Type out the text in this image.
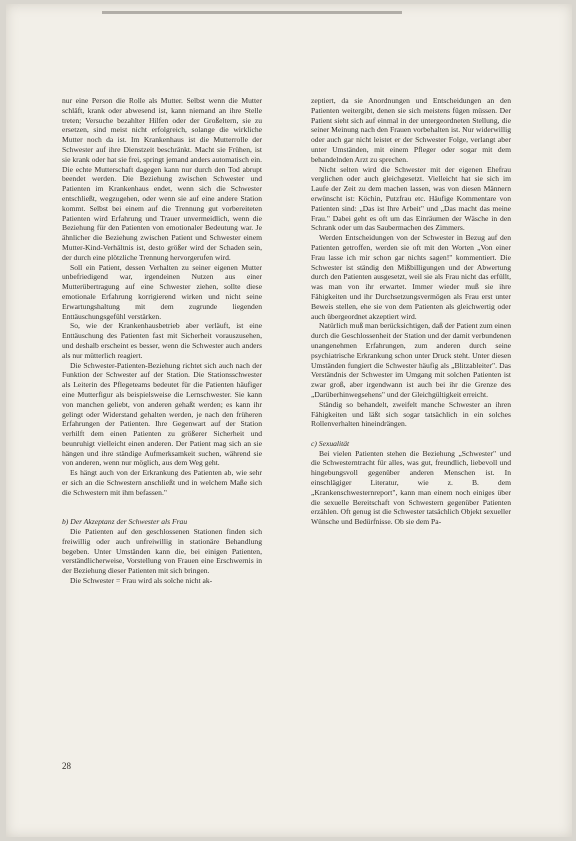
nur eine Person die Rolle als Mutter. Selbst wenn die Mutter schläft, krank oder abwesend ist, kann niemand an ihre Stelle treten; Versuche bezahlter Hilfen oder der Großeltern, sie zu ersetzen, sind meist nicht erfolgreich, solange die wirkliche Mutter noch da ist. Im Krankenhaus ist die Mutterrolle der Schwester auf ihre Dienstzeit beschränkt. Macht sie Frühen, ist sie krank oder hat sie frei, springt jemand anders automatisch ein. Die echte Mutterschaft dagegen kann nur durch den Tod abrupt beendet werden. Die Beziehung zwischen Schwester und Patienten im Krankenhaus endet, wenn sich die Schwester entschließt, wegzugehen, oder wenn sie auf eine andere Station kommt. Selbst bei einem auf die Trennung gut vorbereiteten Patienten wird Erfahrung und Trauer unvermeidlich, wenn die Beziehung für den Patienten von emotionaler Bedeutung war. Je ähnlicher die Beziehung zwischen Patient und Schwester einem Mutter-Kind-Verhältnis ist, desto größer wird der Schaden sein, der durch eine plötzliche Trennung hervorgerufen wird.

Soll ein Patient, dessen Verhalten zu seiner eigenen Mutter unbefriedigend war, irgendeinen Nutzen aus einer Mutterübertragung auf eine Schwester ziehen, sollte diese emotionale Erfahrung korrigierend wirken und nicht seine Erwartungshaltung mit dem zugrunde liegenden Enttäuschungsgefühl verstärken.

So, wie der Krankenhausbetrieb aber verläuft, ist eine Enttäuschung des Patienten fast mit Sicherheit vorauszusehen, und deshalb erscheint es besser, wenn die Schwester auch anders als nur mütterlich reagiert.

Die Schwester-Patienten-Beziehung richtet sich auch nach der Funktion der Schwester auf der Station. Die Stationsschwester als Leiterin des Pflegeteams bedeutet für die Patienten häufiger eine Mutterfigur als beispielsweise die Lernschwester. Sie kann von manchen geliebt, von anderen gehaßt werden; es kann ihr gelingt oder Widerstand gehalten werden, je nach den früheren Erfahrungen der Patienten. Ihre Gegenwart auf der Station verhilft dem einen Patienten zu größerer Sicherheit und beunruhigt vielleicht einen anderen. Der Patient mag sich an sie hängen und ihre ständige Aufmerksamkeit suchen, während sie von anderen, wenn nur möglich, aus dem Weg geht.

Es hängt auch von der Erkrankung des Patienten ab, wie sehr er sich an die Schwestern anschließt und in welchem Maße sich die Schwestern mit ihm befassen."

b) Der Akzeptanz der Schwester als Frau

Die Patienten auf den geschlossenen Stationen finden sich freiwillig oder auch unfreiwillig in stationäre Behandlung begeben. Unter Umständen kann die, bei einigen Patienten, verständlicherweise, Vorstellung von Frauen eine Erschwernis in der Beziehung dieser Patienten mit sich bringen.

Die Schwester = Frau wird als solche nicht ak-

zeptiert, da sie Anordnungen und Entscheidungen an den Patienten weitergibt, denen sie sich meistens fügen müssen. Der Patient sieht sich auf einmal in der untergeordneten Stellung, die seiner Meinung nach den Frauen vorbehalten ist. Nur widerwillig oder auch gar nicht leistet er der Schwester Folge, verlangt aber unter Umständen, mit einem Pfleger oder sogar mit dem behandelnden Arzt zu sprechen.

Nicht selten wird die Schwester mit der eigenen Ehefrau verglichen oder auch gleichgesetzt. Vielleicht hat sie sich im Laufe der Zeit zu dem machen lassen, was von diesen Männern erwünscht ist: Köchin, Putzfrau etc. Häufige Kommentare von Patienten sind: „Das ist Ihre Arbeit" und „Das macht das meine Frau." Dabei geht es oft um das Einräumen der Wäsche in den Schrank oder um das Saubermachen des Zimmers.

Werden Entscheidungen von der Schwester in Bezug auf den Patienten getroffen, werden sie oft mit den Worten „Von einer Frau lasse ich mir schon gar nichts sagen!" kommentiert. Die Schwester ist ständig den Mißbilligungen und der Abwertung durch den Patienten ausgesetzt, weil sie als Frau nicht das erfüllt, was man von ihr erwartet. Immer wieder muß sie ihre Fähigkeiten und ihr Durchsetzungsvermögen als Frau erst unter Beweis stellen, ehe sie von dem Patienten als gleichwertig oder auch übergeordnet akzeptiert wird.

Natürlich muß man berücksichtigen, daß der Patient zum einen durch die Geschlossenheit der Station und der damit verbundenen unangenehmen Erfahrungen, zum anderen durch seine psychiatrische Erkrankung schon unter Druck steht. Unter diesen Umständen fungiert die Schwester häufig als „Blitzableiter". Das Verständnis der Schwester im Umgang mit solchen Patienten ist zwar groß, aber irgendwann ist auch bei ihr die Grenze des „Darüberhinwegsehens" und der Gleichgültigkeit erreicht.

Ständig so behandelt, zweifelt manche Schwester an ihren Fähigkeiten und läßt sich sogar tatsächlich in ein solches Rollenverhalten hineindrängen.

c) Sexualität

Bei vielen Patienten stehen die Beziehung „Schwester" und die Schwesterntracht für alles, was gut, freundlich, liebevoll und hingebungsvoll gegenüber anderen Menschen ist. In einschlägiger Literatur, wie z. B. dem „Krankenschwesternreport", kann man einem noch einiges über die sexuelle Bereitschaft von Schwestern gegenüber Patienten erzählen. Oft genug ist die Schwester tatsächlich Objekt sexueller Wünsche und Bedürfnisse. Ob sie dem Pa-

28
